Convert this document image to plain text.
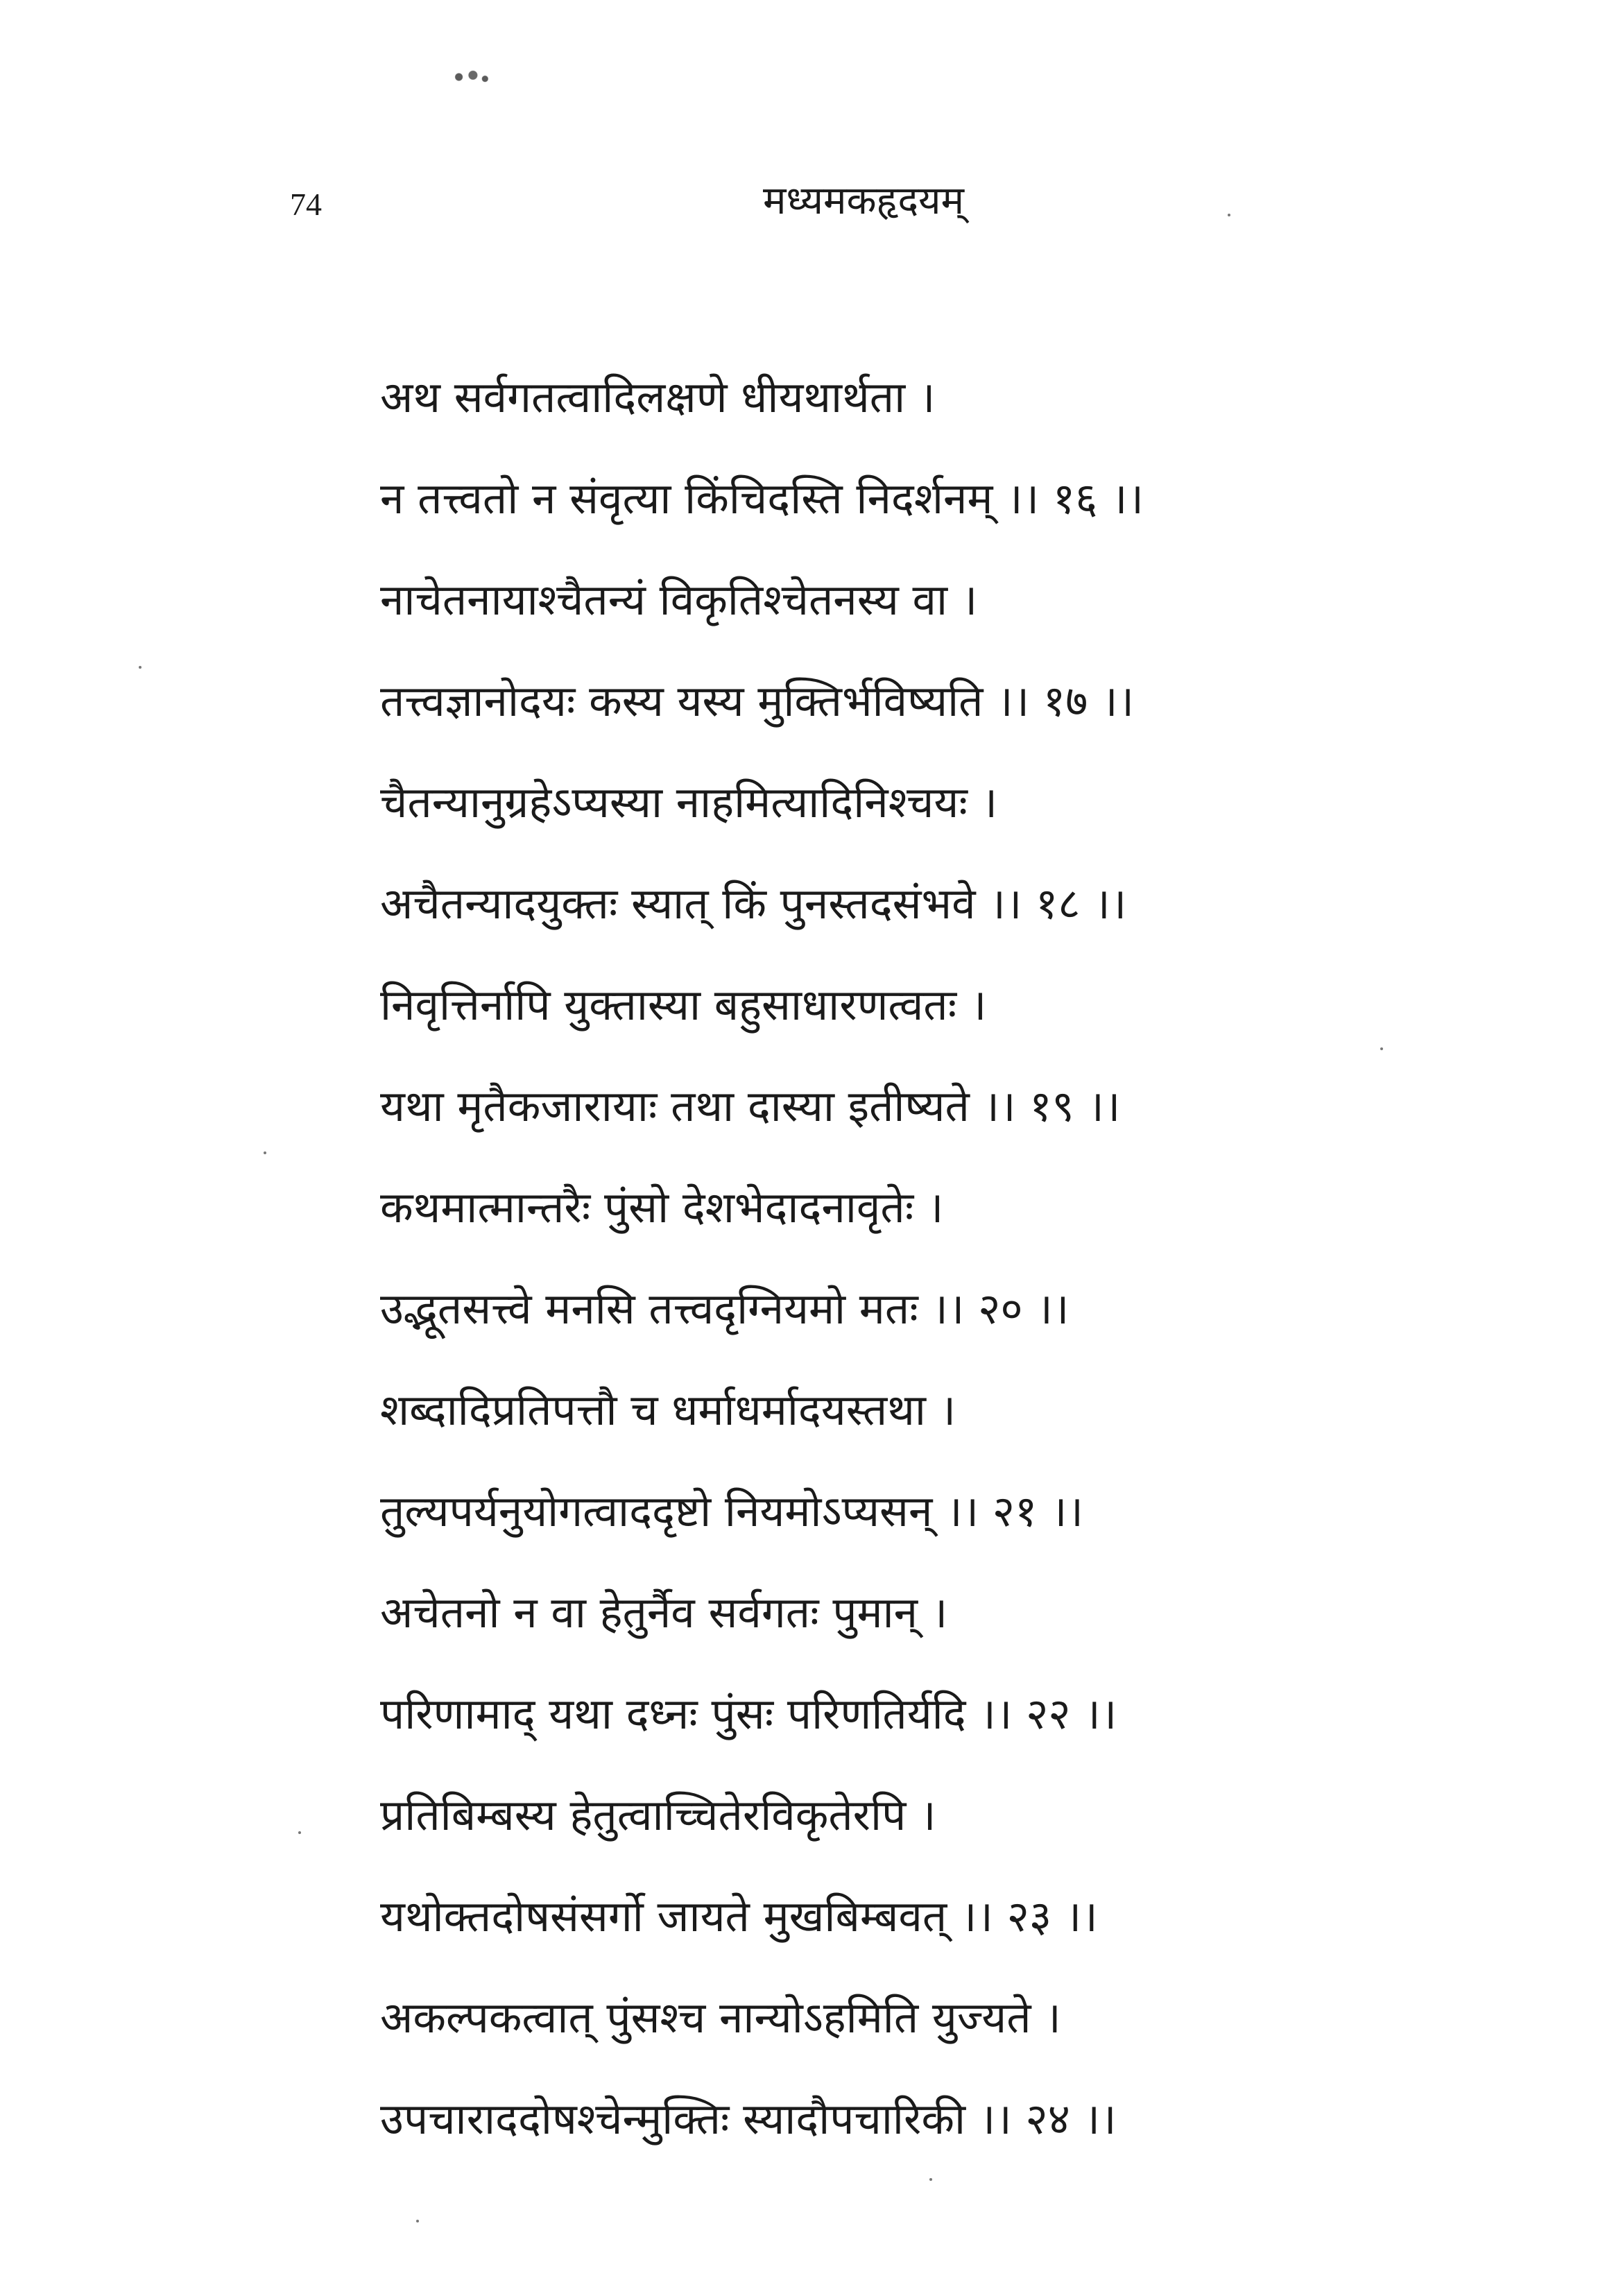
74	मध्यमकहृदयम्
अथ सर्वगतत्वादिलक्षणे धीयथार्थता ।
न तत्त्वतो न संवृत्या किंचिदस्ति निदर्शनम् ।। १६ ।।
नाचेतनायाश्चैतन्यं विकृतिश्चेतनस्य वा ।
तत्त्वज्ञानोदयः कस्य यस्य मुक्तिर्भविष्यति ।। १७ ।।
चैतन्यानुग्रहेऽप्यस्या नाहमित्यादिनिश्चयः ।
अचैतन्यादयुक्तः स्यात् किं पुनस्तदसंभवे ।। १८ ।।
निवृत्तिर्नापि युक्तास्या बहुसाधारणत्वतः ।
यथा मृतैकजारायाः तथा दास्या इतीष्यते ।। १९ ।।
कथमात्मान्तरैः पुंसो देशभेदादनावृतेः ।
उद्भूतसत्त्वे मनसि तत्त्वदृग्नियमो मतः ।। २० ।।
शब्दादिप्रतिपत्तौ च धर्माधर्मादयस्तथा ।
तुल्यपर्यनुयोगत्वाददृष्टो नियमोऽप्यसन् ।। २१ ।।
अचेतनो न वा हेतुर्नैव सर्वगतः पुमान् ।
परिणामाद् यथा दध्नः पुंसः परिणतिर्यदि ।। २२ ।।
प्रतिबिम्बस्य हेतुत्वाच्चितेरविकृतेरपि ।
यथोक्तदोषसंसर्गो जायते मुखबिम्बवत् ।। २३ ।।
अकल्पकत्वात् पुंसश्च नान्योऽहमिति युज्यते ।
उपचाराददोषश्चेन्मुक्तिः स्यादौपचारिकी ।। २४ ।।
